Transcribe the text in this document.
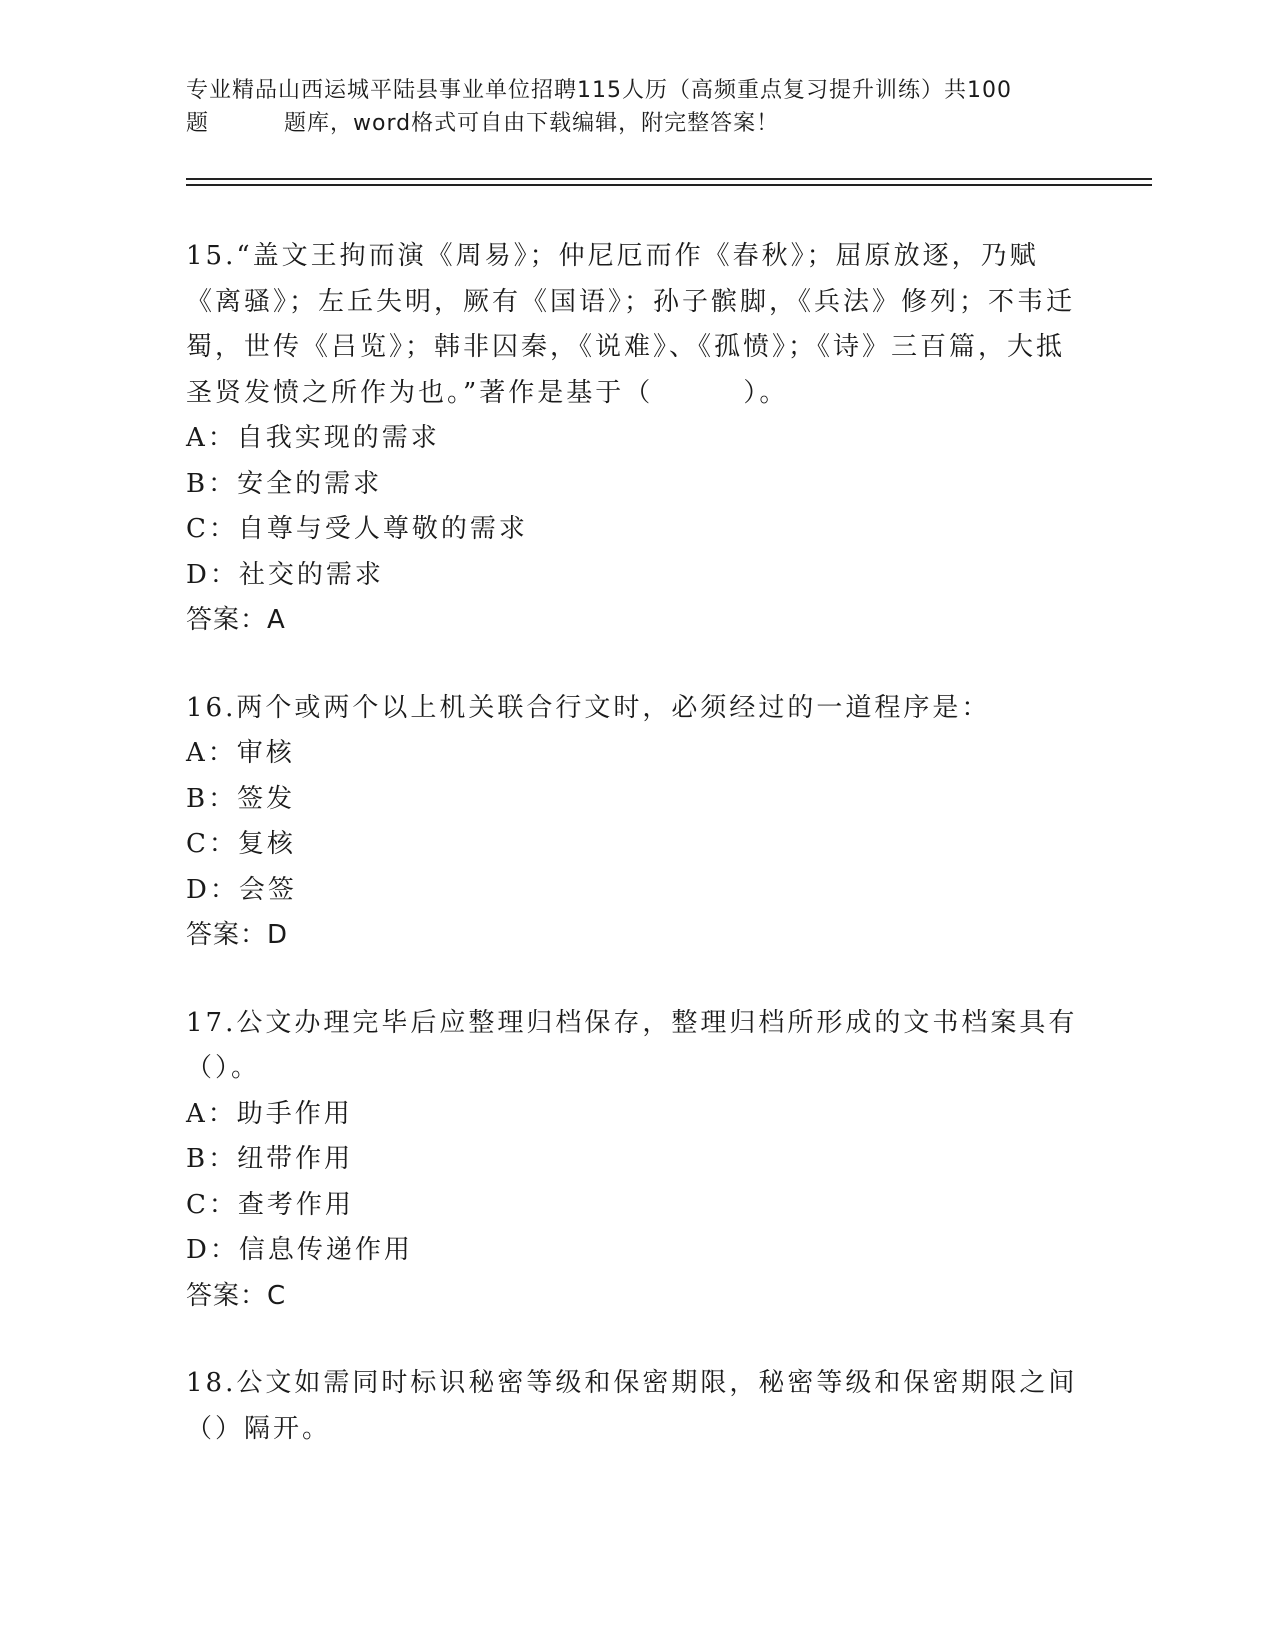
专业精品山西运城平陆县事业单位招聘115人历（高频重点复习提升训练）共100
题	题库，word格式可自由下载编辑，附完整答案！

15.“盖文王拘而演《周易》；仲尼厄而作《春秋》；屈原放逐，乃赋《离骚》；左丘失明，厥有《国语》；孙子髌脚，《兵法》修列；不韦迁蜀，世传《吕览》；韩非囚秦，《说难》、《孤愤》；《诗》三百篇，大抵圣贤发愤之所作为也。”著作是基于（        ）。

A：自我实现的需求

B：安全的需求

C：自尊与受人尊敬的需求

D：社交的需求

答案：A

16.两个或两个以上机关联合行文时，必须经过的一道程序是：

A：审核

B：签发

C：复核

D：会签

答案：D

17.公文办理完毕后应整理归档保存，整理归档所形成的文书档案具有（）。

A：助手作用

B：纽带作用

C：查考作用

D：信息传递作用

答案：C

18.公文如需同时标识秘密等级和保密期限，秘密等级和保密期限之间（）隔开。
